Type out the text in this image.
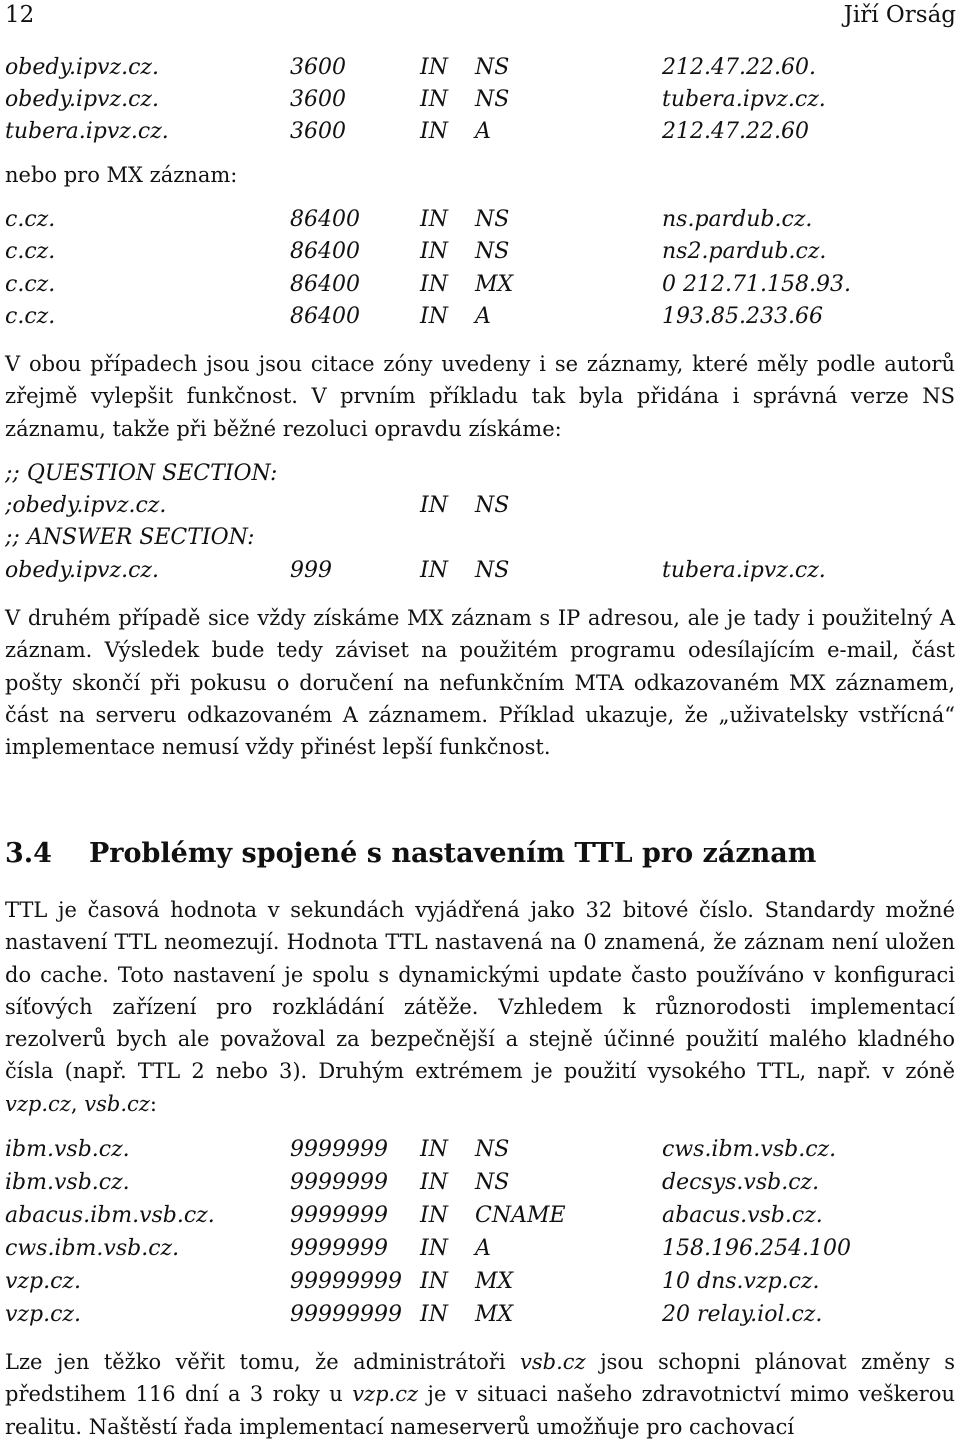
12	Jiří Orság
obedy.ipvz.cz.	3600	IN NS	212.47.22.60.
obedy.ipvz.cz.	3600	IN NS	tubera.ipvz.cz.
tubera.ipvz.cz.	3600	IN A	212.47.22.60
nebo pro MX záznam:
c.cz.	86400	IN NS	ns.pardub.cz.
c.cz.	86400	IN NS	ns2.pardub.cz.
c.cz.	86400	IN MX	0 212.71.158.93.
c.cz.	86400	IN A	193.85.233.66

V obou případech jsou jsou citace zóny uvedeny i se záznamy, které měly podle autorů zřejmě vylepšit funkčnost. V prvním příkladu tak byla přidána i správná verze NS záznamu, takže při běžné rezoluci opravdu získáme:

;; QUESTION SECTION:
;obedy.ipvz.cz.	IN NS
;; ANSWER SECTION:
obedy.ipvz.cz.	999	IN NS	tubera.ipvz.cz.

V druhém případě sice vždy získáme MX záznam s IP adresou, ale je tady i použitelný A záznam. Výsledek bude tedy záviset na použitém programu odesílajícím e-mail, část pošty skončí při pokusu o doručení na nefunkčním MTA odkazovaném MX záznamem, část na serveru odkazovaném A záznamem. Příklad ukazuje, že „uživatelsky vstřícná“ implementace nemusí vždy přinést lepší funkčnost.

3.4 Problémy spojené s nastavením TTL pro záznam

TTL je časová hodnota v sekundách vyjádřená jako 32 bitové číslo. Standardy možné nastavení TTL neomezují. Hodnota TTL nastavená na 0 znamená, že záznam není uložen do cache. Toto nastavení je spolu s dynamickými update často používáno v konfiguraci síťových zařízení pro rozkládání zátěže. Vzhledem k různorodosti implementací rezolverů bych ale považoval za bezpečnější a stejně účinné použití malého kladného čísla (např. TTL 2 nebo 3). Druhým extrémem je použití vysokého TTL, např. v zóně vzp.cz, vsb.cz:

ibm.vsb.cz.	9999999 IN NS	cws.ibm.vsb.cz.
ibm.vsb.cz.	9999999 IN NS	decsys.vsb.cz.
abacus.ibm.vsb.cz.	9999999 IN CNAME	abacus.vsb.cz.
cws.ibm.vsb.cz.	9999999 IN A	158.196.254.100
vzp.cz.	99999999 IN MX	10 dns.vzp.cz.
vzp.cz.	99999999 IN MX	20 relay.iol.cz.

Lze jen těžko věřit tomu, že administrátoři vsb.cz jsou schopni plánovat změny s předstihem 116 dní a 3 roky u vzp.cz je v situaci našeho zdravotnictví mimo veškerou realitu. Naštěstí řada implementací nameserverů umožňuje pro cachovací
